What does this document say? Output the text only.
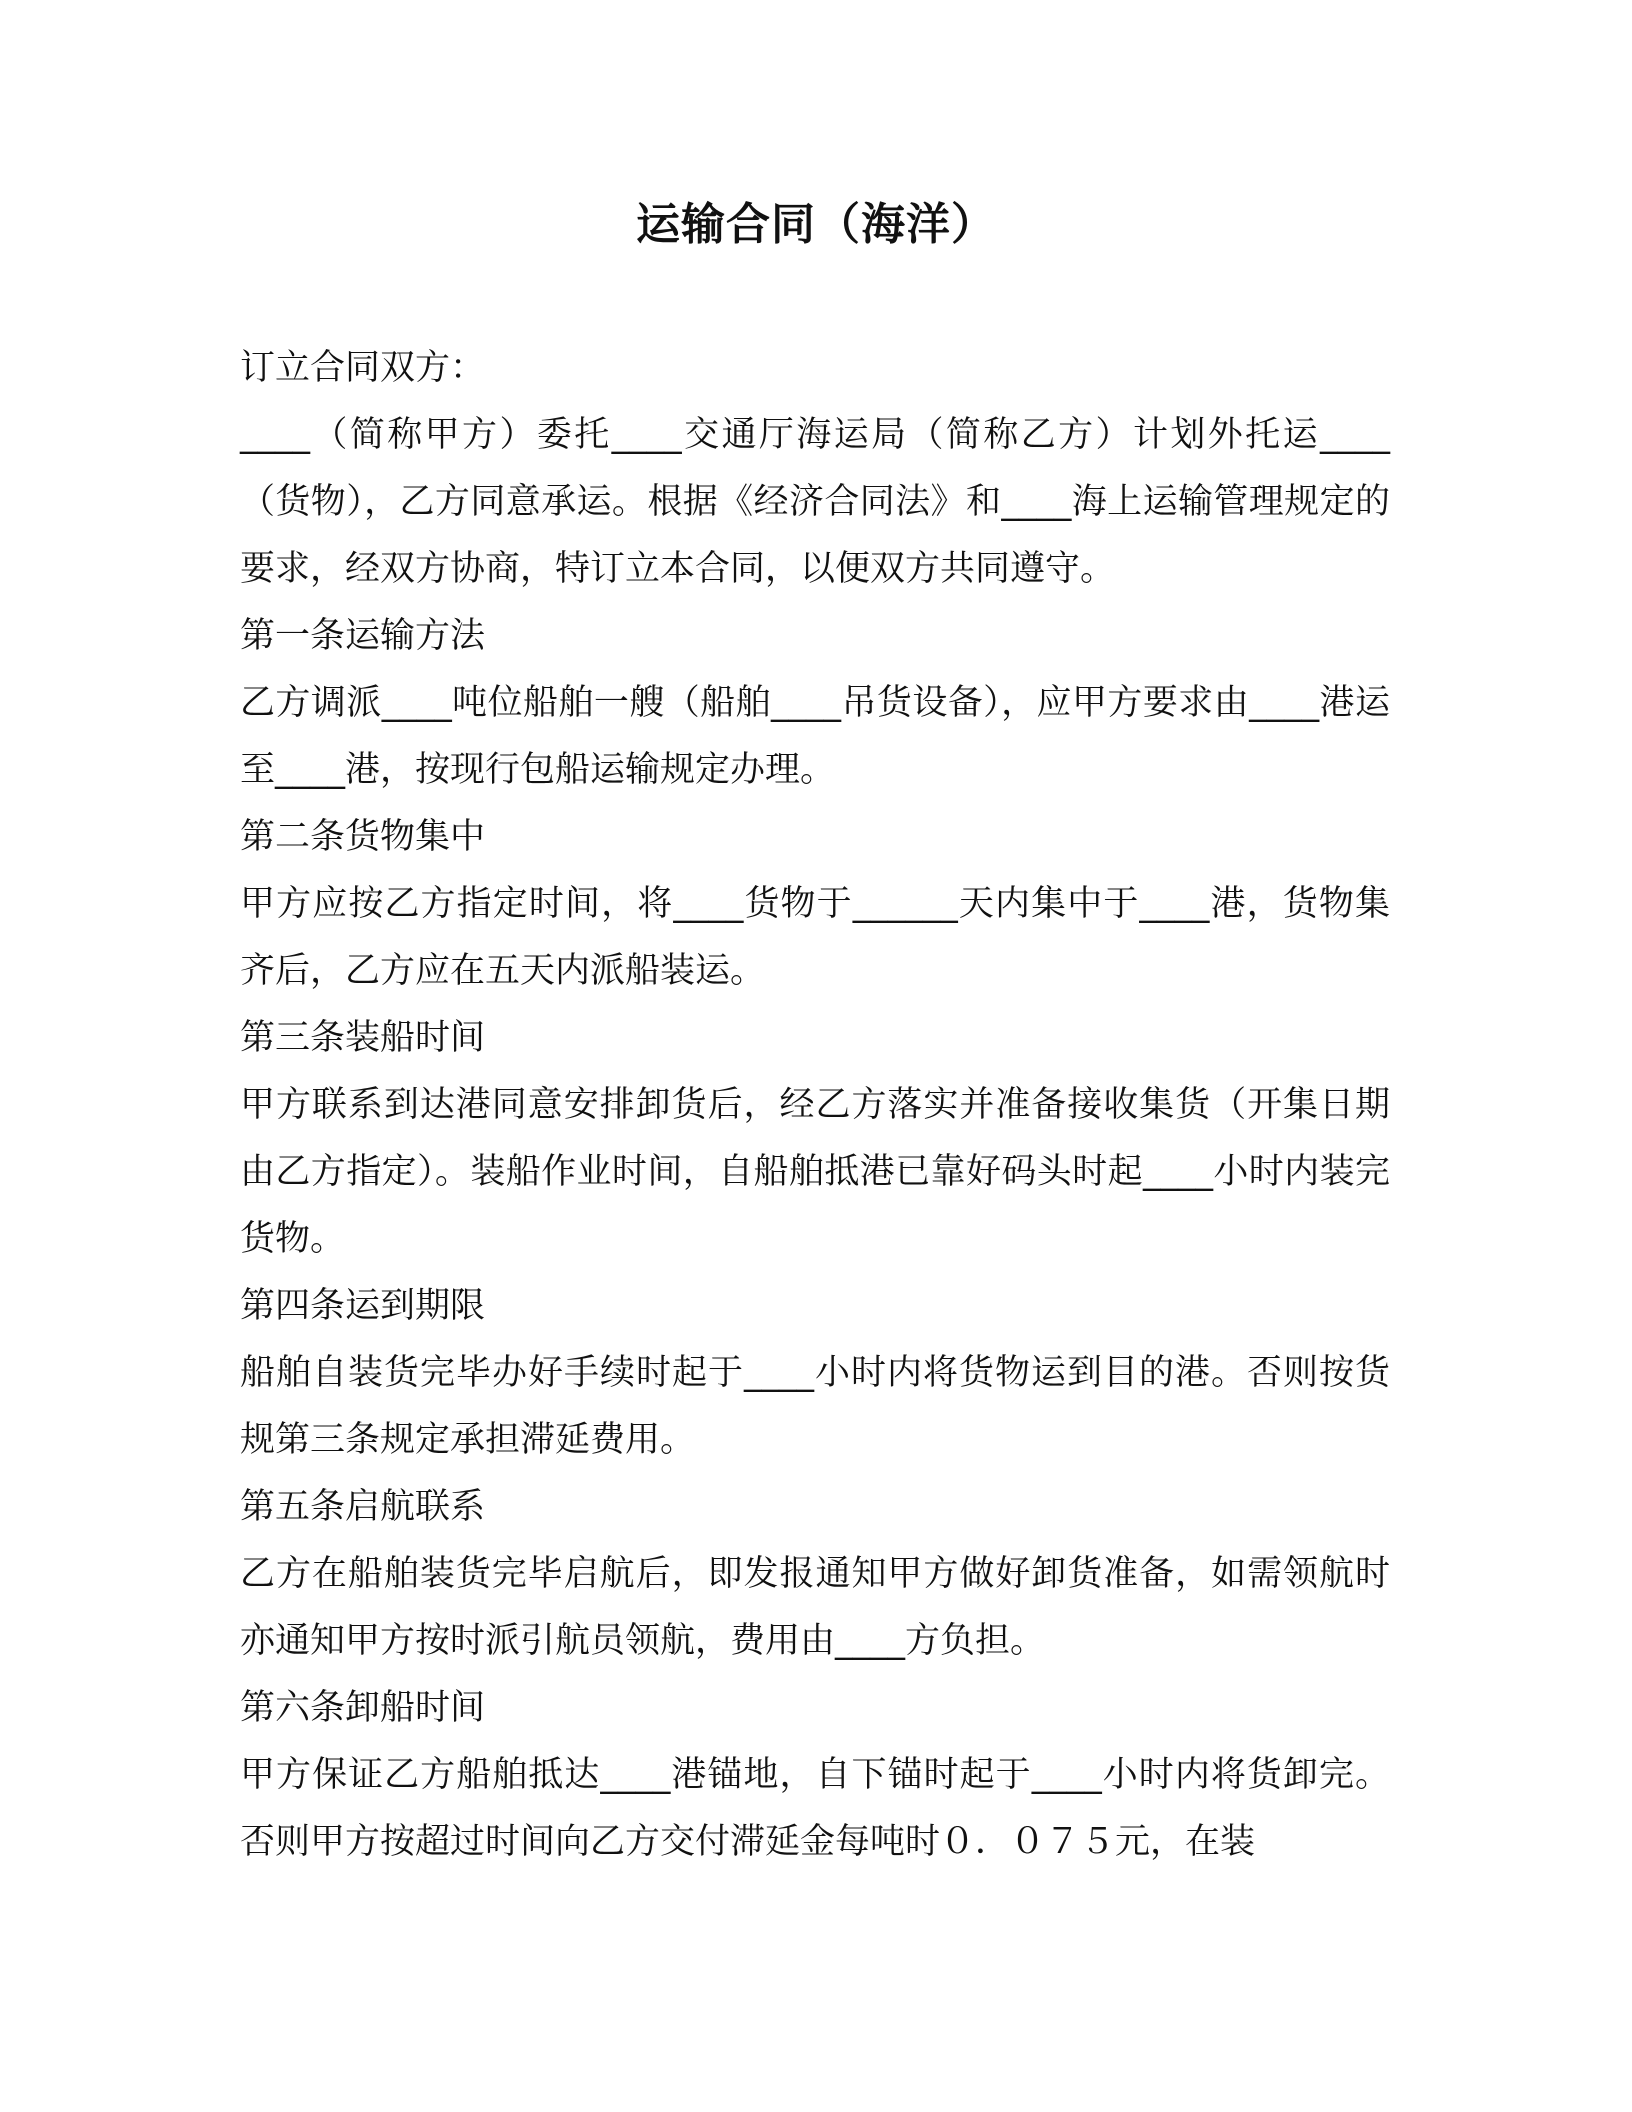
运输合同（海洋）

订立合同双方：

____（简称甲方）委托____交通厅海运局（简称乙方）计划外托运____（货物），乙方同意承运。根据《经济合同法》和____海上运输管理规定的要求，经双方协商，特订立本合同，以便双方共同遵守。

第一条运输方法

乙方调派____吨位船舶一艘（船舶____吊货设备），应甲方要求由____港运至____港，按现行包船运输规定办理。

第二条货物集中

甲方应按乙方指定时间，将____货物于______天内集中于____港，货物集齐后，乙方应在五天内派船装运。

第三条装船时间

甲方联系到达港同意安排卸货后，经乙方落实并准备接收集货（开集日期由乙方指定）。装船作业时间，自船舶抵港已靠好码头时起____小时内装完货物。

第四条运到期限

船舶自装货完毕办好手续时起于____小时内将货物运到目的港。否则按货规第三条规定承担滞延费用。

第五条启航联系

乙方在船舶装货完毕启航后，即发报通知甲方做好卸货准备，如需领航时亦通知甲方按时派引航员领航，费用由____方负担。

第六条卸船时间

甲方保证乙方船舶抵达____港锚地，自下锚时起于____小时内将货卸完。否则甲方按超过时间向乙方交付滞延金每吨时０．０７５元，在装
